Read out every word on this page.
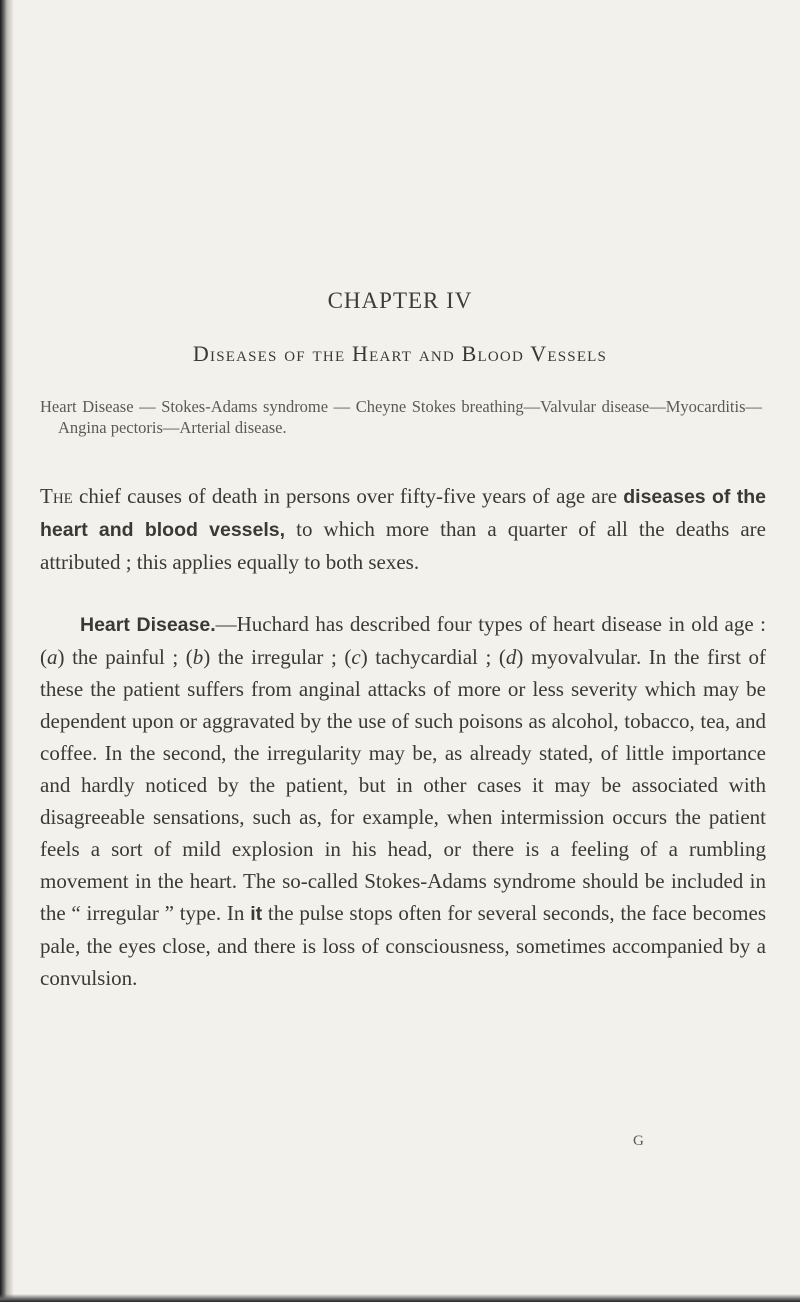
CHAPTER IV
Diseases of the Heart and Blood Vessels
Heart Disease — Stokes-Adams syndrome — Cheyne Stokes breathing—Valvular disease—Myocarditis—Angina pectoris—Arterial disease.

The chief causes of death in persons over fifty-five years of age are diseases of the heart and blood vessels, to which more than a quarter of all the deaths are attributed ; this applies equally to both sexes.

Heart Disease.—Huchard has described four types of heart disease in old age : (a) the painful ; (b) the irregular ; (c) tachycardial ; (d) myovalvular. In the first of these the patient suffers from anginal attacks of more or less severity which may be dependent upon or aggravated by the use of such poisons as alcohol, tobacco, tea, and coffee. In the second, the irregularity may be, as already stated, of little importance and hardly noticed by the patient, but in other cases it may be associated with disagreeable sensations, such as, for example, when intermission occurs the patient feels a sort of mild explosion in his head, or there is a feeling of a rumbling movement in the heart. The so-called Stokes-Adams syndrome should be included in the “ irregular ” type. In it the pulse stops often for several seconds, the face becomes pale, the eyes close, and there is loss of consciousness, sometimes accompanied by a convulsion.

G
